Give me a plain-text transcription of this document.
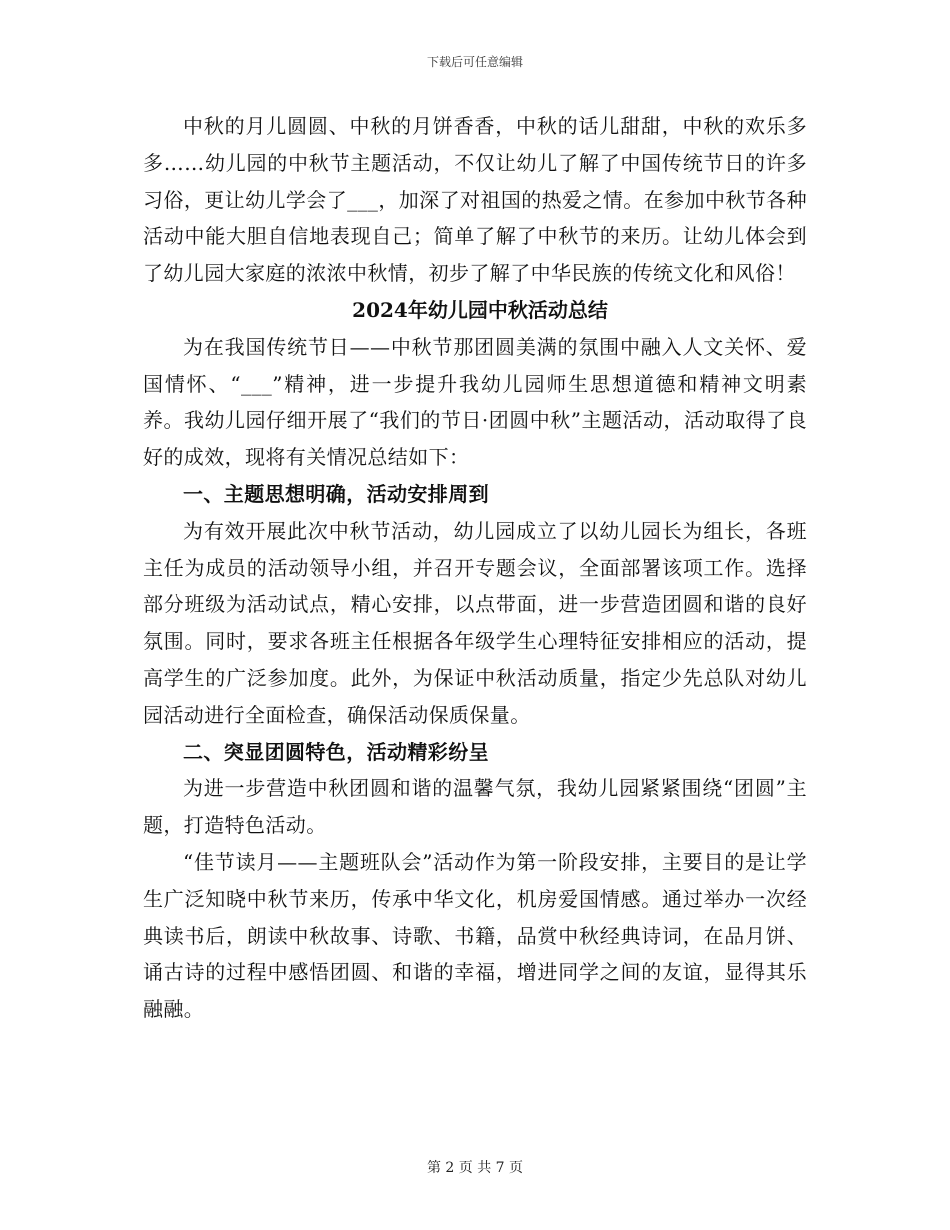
下载后可任意编辑

中秋的月儿圆圆、中秋的月饼香香，中秋的话儿甜甜，中秋的欢乐多多……幼儿园的中秋节主题活动，不仅让幼儿了解了中国传统节日的许多习俗，更让幼儿学会了___，加深了对祖国的热爱之情。在参加中秋节各种活动中能大胆自信地表现自己；简单了解了中秋节的来历。让幼儿体会到了幼儿园大家庭的浓浓中秋情，初步了解了中华民族的传统文化和风俗！

2024年幼儿园中秋活动总结

为在我国传统节日——中秋节那团圆美满的氛围中融入人文关怀、爱国情怀、“___”精神，进一步提升我幼儿园师生思想道德和精神文明素养。我幼儿园仔细开展了“我们的节日·团圆中秋”主题活动，活动取得了良好的成效，现将有关情况总结如下：

一、主题思想明确，活动安排周到

为有效开展此次中秋节活动，幼儿园成立了以幼儿园长为组长，各班主任为成员的活动领导小组，并召开专题会议，全面部署该项工作。选择部分班级为活动试点，精心安排，以点带面，进一步营造团圆和谐的良好氛围。同时，要求各班主任根据各年级学生心理特征安排相应的活动，提高学生的广泛参加度。此外，为保证中秋活动质量，指定少先总队对幼儿园活动进行全面检查，确保活动保质保量。

二、突显团圆特色，活动精彩纷呈

为进一步营造中秋团圆和谐的温馨气氛，我幼儿园紧紧围绕“团圆”主题，打造特色活动。

“佳节读月——主题班队会”活动作为第一阶段安排，主要目的是让学生广泛知晓中秋节来历，传承中华文化，机房爱国情感。通过举办一次经典读书后，朗读中秋故事、诗歌、书籍，品赏中秋经典诗词，在品月饼、诵古诗的过程中感悟团圆、和谐的幸福，增进同学之间的友谊，显得其乐融融。

第 2 页 共 7 页
